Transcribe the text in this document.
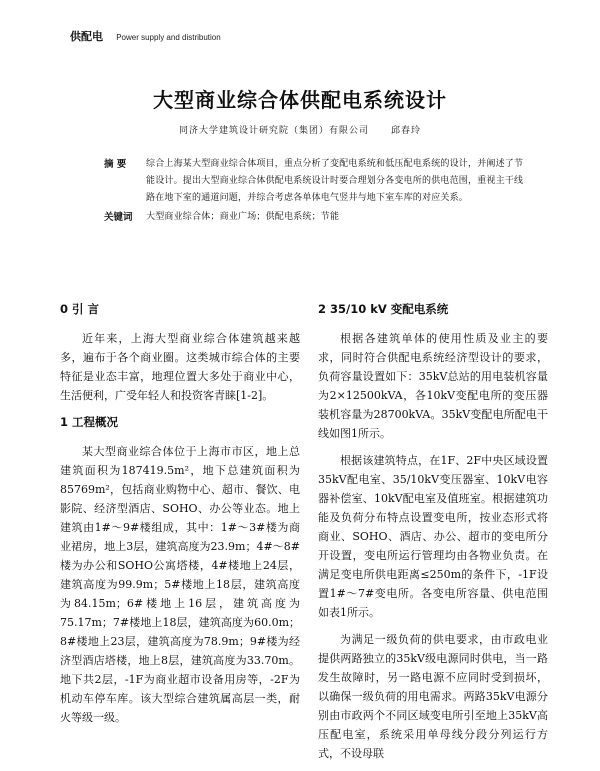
供配电 Power supply and distribution
大型商业综合体供配电系统设计
同济大学建筑设计研究院（集团）有限公司 邱春玲
摘 要	综合上海某大型商业综合体项目，重点分析了变配电系统和低压配电系统的设计，并阐述了节能设计。提出大型商业综合体供配电系统设计时要合理划分各变电所的供电范围，重视主干线路在地下室的通道问题，并综合考虑各单体电气竖井与地下室车库的对应关系。
关键词	大型商业综合体；商业广场；供配电系统；节能
0 引 言

近年来，上海大型商业综合体建筑越来越多，遍布于各个商业圈。这类城市综合体的主要特征是业态丰富，地理位置大多处于商业中心，生活便利，广受年轻人和投资客青睐[1-2]。

1 工程概况

某大型商业综合体位于上海市市区，地上总建筑面积为187419.5m²，地下总建筑面积为85769m²，包括商业购物中心、超市、餐饮、电影院、经济型酒店、SOHO、办公等业态。地上建筑由1#～9#楼组成，其中：1#～3#楼为商业裙房，地上3层，建筑高度为23.9m；4#～8#楼为办公和SOHO公寓塔楼，4#楼地上24层，建筑高度为99.9m；5#楼地上18层，建筑高度为84.15m；6#楼地上16层，建筑高度为75.17m；7#楼地上18层，建筑高度为60.0m；8#楼地上23层，建筑高度为78.9m；9#楼为经济型酒店塔楼，地上8层，建筑高度为33.70m。地下共2层，-1F为商业超市设备用房等，-2F为机动车停车库。该大型综合建筑属高层一类，耐火等级一级。

2 35/10 kV 变配电系统

根据各建筑单体的使用性质及业主的要求，同时符合供配电系统经济型设计的要求，负荷容量设置如下：35kV总站的用电装机容量为2×12500kVA，各10kV变配电所的变压器装机容量为28700kVA。35kV变配电所配电干线如图1所示。

根据该建筑特点，在1F、2F中央区域设置35kV配电室、35/10kV变压器室、10kV电容器补偿室、10kV配电室及值班室。根据建筑功能及负荷分布特点设置变电所，按业态形式将商业、SOHO、酒店、办公、超市的变电所分开设置，变电所运行管理均由各物业负责。在满足变电所供电距离≤250m的条件下，-1F设置1#～7#变电所。各变电所容量、供电范围如表1所示。

为满足一级负荷的供电要求，由市政电业提供两路独立的35kV级电源同时供电，当一路发生故障时，另一路电源不应同时受到损坏，以确保一级负荷的用电需求。两路35kV电源分别由市政两个不同区域变电所引至地上35kV高压配电室，系统采用单母线分段分列运行方式，不设母联
